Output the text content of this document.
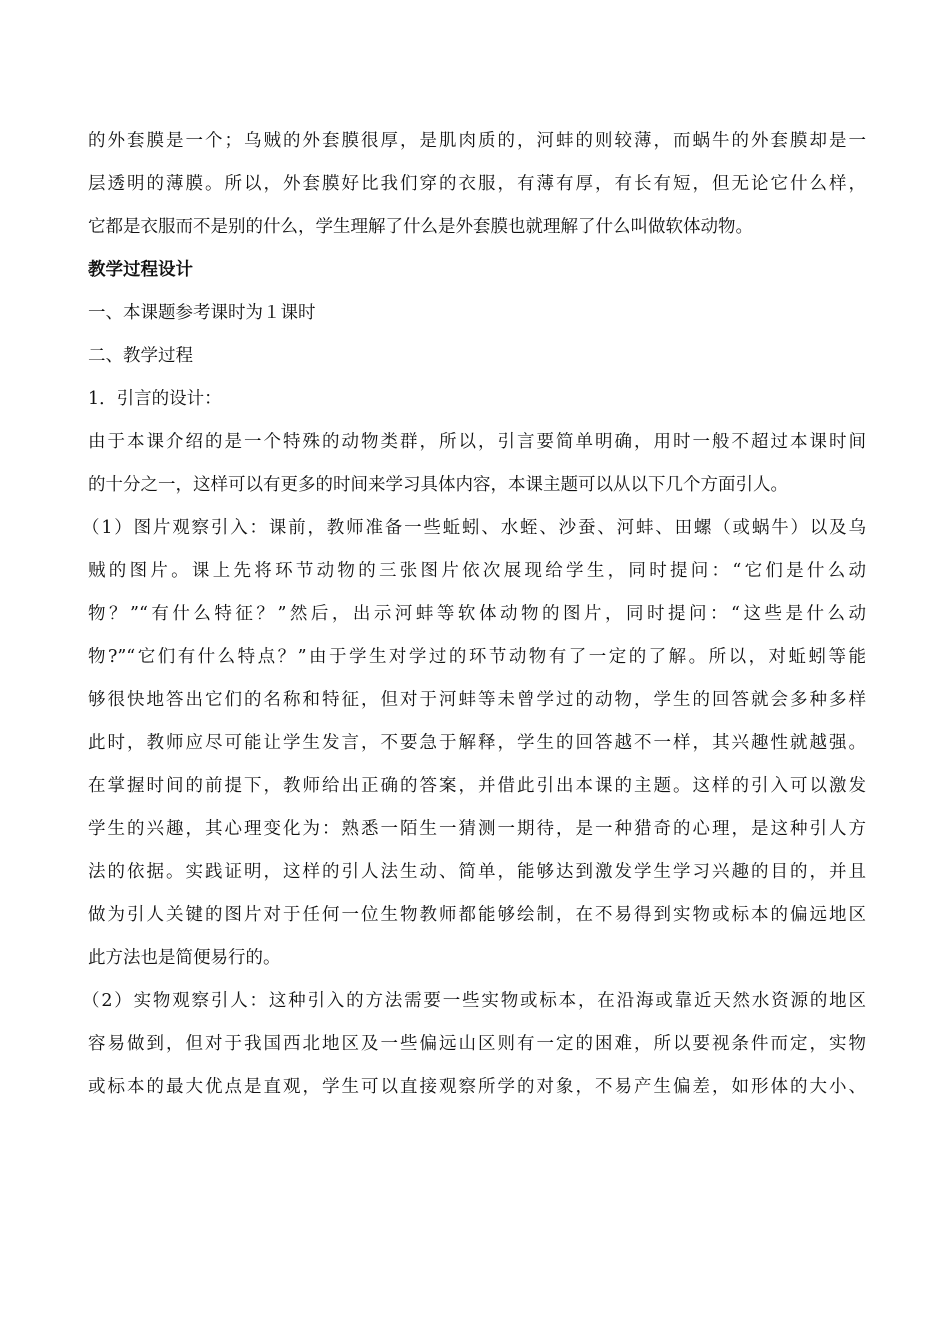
的外套膜是一个；乌贼的外套膜很厚，是肌肉质的，河蚌的则较薄，而蜗牛的外套膜却是一
层透明的薄膜。所以，外套膜好比我们穿的衣服，有薄有厚，有长有短，但无论它什么样，
它都是衣服而不是别的什么，学生理解了什么是外套膜也就理解了什么叫做软体动物。
教学过程设计
一、本课题参考课时为１课时
二、教学过程
1．引言的设计：
由于本课介绍的是一个特殊的动物类群，所以，引言要简单明确，用时一般不超过本课时间
的十分之一，这样可以有更多的时间来学习具体内容，本课主题可以从以下几个方面引人。
（1）图片观察引入：课前，教师准备一些蚯蚓、水蛭、沙蚕、河蚌、田螺（或蜗牛）以及乌
贼的图片。课上先将环节动物的三张图片依次展现给学生，同时提问：“它们是什么动
物？”“有什么特征？”然后，出示河蚌等软体动物的图片，同时提问：“这些是什么动
物?”“它们有什么特点？”由于学生对学过的环节动物有了一定的了解。所以，对蚯蚓等能
够很快地答出它们的名称和特征，但对于河蚌等未曾学过的动物，学生的回答就会多种多样
此时，教师应尽可能让学生发言，不要急于解释，学生的回答越不一样，其兴趣性就越强。
在掌握时间的前提下，教师给出正确的答案，并借此引出本课的主题。这样的引入可以激发
学生的兴趣，其心理变化为：熟悉一陌生一猜测一期待，是一种猎奇的心理，是这种引人方
法的依据。实践证明，这样的引人法生动、简单，能够达到激发学生学习兴趣的目的，并且
做为引人关键的图片对于任何一位生物教师都能够绘制，在不易得到实物或标本的偏远地区
此方法也是简便易行的。
（2）实物观察引人：这种引入的方法需要一些实物或标本，在沿海或靠近天然水资源的地区
容易做到，但对于我国西北地区及一些偏远山区则有一定的困难，所以要视条件而定，实物
或标本的最大优点是直观，学生可以直接观察所学的对象，不易产生偏差，如形体的大小、
